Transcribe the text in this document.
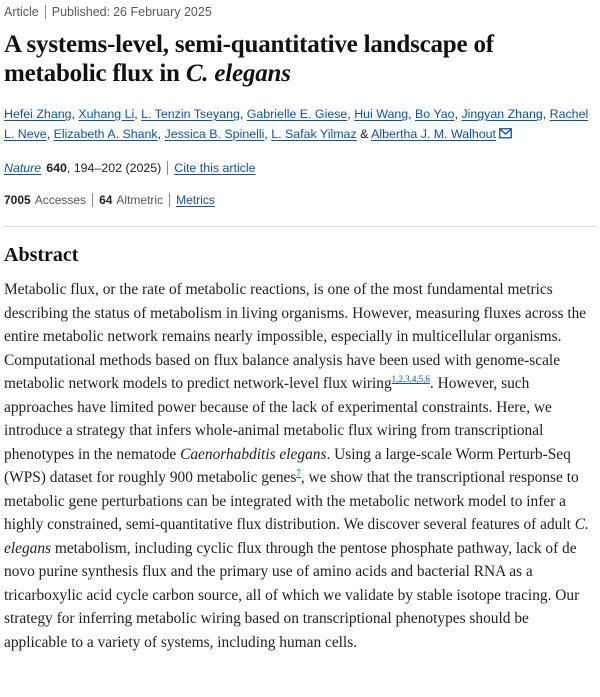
Article Published: 26 February 2025
A systems-level, semi-quantitative landscape of metabolic flux in C. elegans
Hefei Zhang, Xuhang Li, L. Tenzin Tseyang, Gabrielle E. Giese, Hui Wang, Bo Yao, Jingyan Zhang, Rachel L. Neve, Elizabeth A. Shank, Jessica B. Spinelli, L. Safak Yilmaz & Albertha J. M. Walhout
Nature 640 , 194–202 (2025) Cite this article
7005 Accesses 64 Altmetric Metrics
Abstract

Metabolic flux, or the rate of metabolic reactions, is one of the most fundamental metrics describing the status of metabolism in living organisms. However, measuring fluxes across the entire metabolic network remains nearly impossible, especially in multicellular organisms. Computational methods based on flux balance analysis have been used with genome-scale metabolic network models to predict network-level flux wiring$^{1,2,3,4,5,6}$. However, such approaches have limited power because of the lack of experimental constraints. Here, we introduce a strategy that infers whole-animal metabolic flux wiring from transcriptional phenotypes in the nematode Caenorhabditis elegans. Using a large-scale Worm Perturb-Seq (WPS) dataset for roughly 900 metabolic genes$^7$, we show that the transcriptional response to metabolic gene perturbations can be integrated with the metabolic network model to infer a highly constrained, semi-quantitative flux distribution. We discover several features of adult C. elegans metabolism, including cyclic flux through the pentose phosphate pathway, lack of de novo purine synthesis flux and the primary use of amino acids and bacterial RNA as a tricarboxylic acid cycle carbon source, all of which we validate by stable isotope tracing. Our strategy for inferring metabolic wiring based on transcriptional phenotypes should be applicable to a variety of systems, including human cells.
